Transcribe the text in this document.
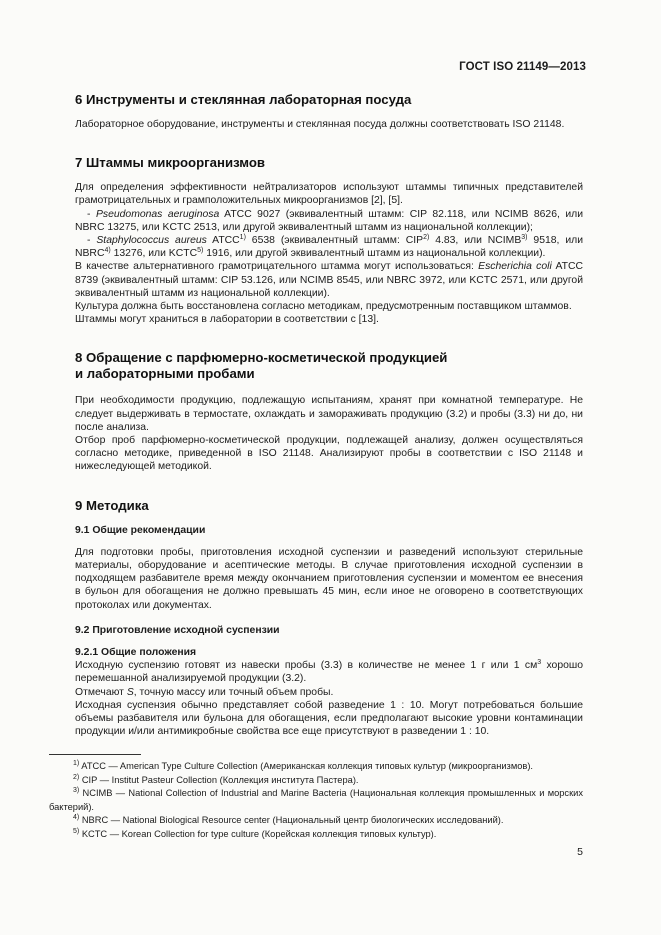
ГОСТ ISO 21149—2013
6 Инструменты и стеклянная лабораторная посуда

Лабораторное оборудование, инструменты и стеклянная посуда должны соответствовать ISO 21148.

7 Штаммы микроорганизмов

Для определения эффективности нейтрализаторов используют штаммы типичных представителей грамотрицательных и грамположительных микроорганизмов [2], [5].

- Pseudomonas aeruginosa ATCC 9027 (эквивалентный штамм: CIP 82.118, или NCIMB 8626, или NBRC 13275, или KCTC 2513, или другой эквивалентный штамм из национальной коллекции);

- Staphylococcus aureus ATCC$^{1)}$ 6538 (эквивалентный штамм: CIP$^{2)}$ 4.83, или NCIMB$^{3)}$ 9518, или NBRC$^{4)}$ 13276, или KCTC$^{5)}$ 1916, или другой эквивалентный штамм из национальной коллекции).

В качестве альтернативного грамотрицательного штамма могут использоваться: Escherichia coli ATCC 8739 (эквивалентный штамм: CIP 53.126, или NCIMB 8545, или NBRC 3972, или KCTC 2571, или другой эквивалентный штамм из национальной коллекции).

Культура должна быть восстановлена согласно методикам, предусмотренным поставщиком штаммов.

Штаммы могут храниться в лаборатории в соответствии с [13].

8 Обращение с парфюмерно-косметической продукцией
и лабораторными пробами

При необходимости продукцию, подлежащую испытаниям, хранят при комнатной температуре. Не следует выдерживать в термостате, охлаждать и замораживать продукцию (3.2) и пробы (3.3) ни до, ни после анализа.

Отбор проб парфюмерно-косметической продукции, подлежащей анализу, должен осуществляться согласно методике, приведенной в ISO 21148. Анализируют пробы в соответствии с ISO 21148 и нижеследующей методикой.

9 Методика
9.1 Общие рекомендации

Для подготовки пробы, приготовления исходной суспензии и разведений используют стерильные материалы, оборудование и асептические методы. В случае приготовления исходной суспензии в подходящем разбавителе время между окончанием приготовления суспензии и моментом ее внесения в бульон для обогащения не должно превышать 45 мин, если иное не оговорено в соответствующих протоколах или документах.

9.2 Приготовление исходной суспензии
9.2.1 Общие положения

Исходную суспензию готовят из навески пробы (3.3) в количестве не менее 1 г или 1 $см^3$ хорошо перемешанной анализируемой продукции (3.2).

Отмечают S, точную массу или точный объем пробы.

Исходная суспензия обычно представляет собой разведение 1 : 10. Могут потребоваться большие объемы разбавителя или бульона для обогащения, если предполагают высокие уровни контаминации продукции и/или антимикробные свойства все еще присутствуют в разведении 1 : 10.

$^{1)}$ ATCC — American Type Culture Collection (Американская коллекция типовых культур (микроорганизмов).

$^{2)}$ CIP — Institut Pasteur Collection (Коллекция института Пастера).

$^{3)}$ NCIMB — National Collection of Industrial and Marine Bacteria (Национальная коллекция промышленных и морских бактерий).

$^{4)}$ NBRC — National Biological Resource center (Национальный центр биологических исследований).

$^{5)}$ KCTC — Korean Collection for type culture (Корейская коллекция типовых культур).

5
